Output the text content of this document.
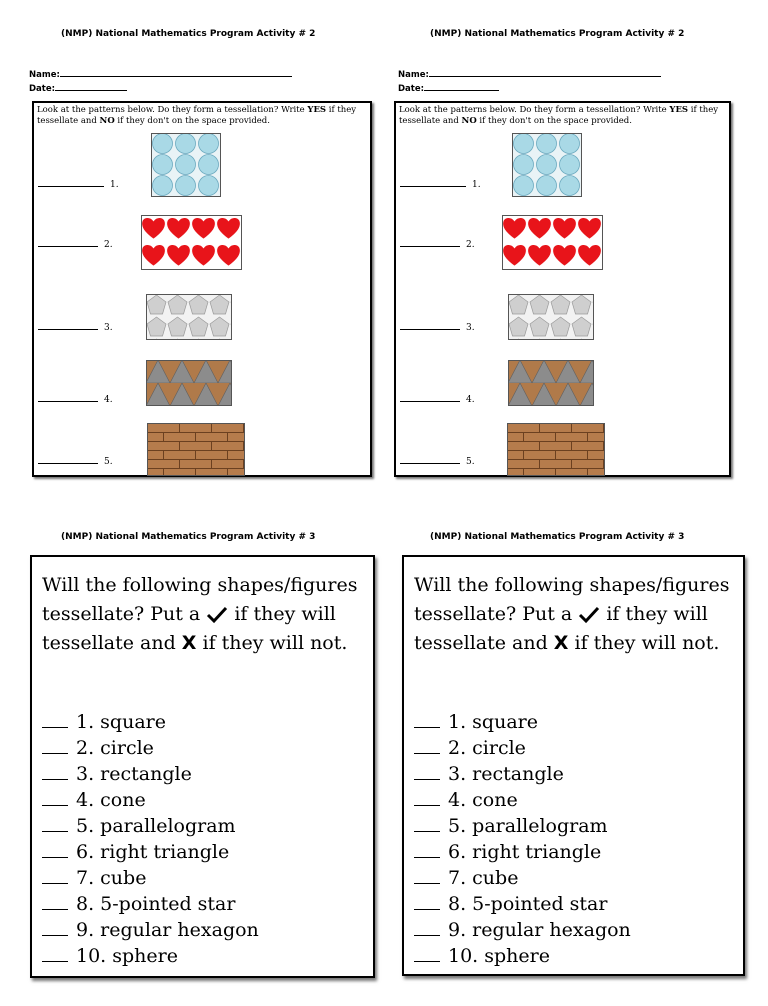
(NMP) National Mathematics Program Activity # 2
Name:
Date:
Look at the patterns below. Do they form a tessellation? Write YES if they tessellate and NO if they don't on the space provided.
1.
2.
3.
4.
5.
(NMP) National Mathematics Program Activity # 2
Name:
Date:
Look at the patterns below. Do they form a tessellation? Write YES if they tessellate and NO if they don't on the space provided.
1.
2.
3.
4.
5.
(NMP) National Mathematics Program Activity # 3
Will the following shapes/figures tessellate? Put a  if they will tessellate and X if they will not.
1. square
2. circle
3. rectangle
4. cone
5. parallelogram
6. right triangle
7. cube
8. 5-pointed star
9. regular hexagon
10. sphere
(NMP) National Mathematics Program Activity # 3
Will the following shapes/figures tessellate? Put a  if they will tessellate and X if they will not.
1. square
2. circle
3. rectangle
4. cone
5. parallelogram
6. right triangle
7. cube
8. 5-pointed star
9. regular hexagon
10. sphere
